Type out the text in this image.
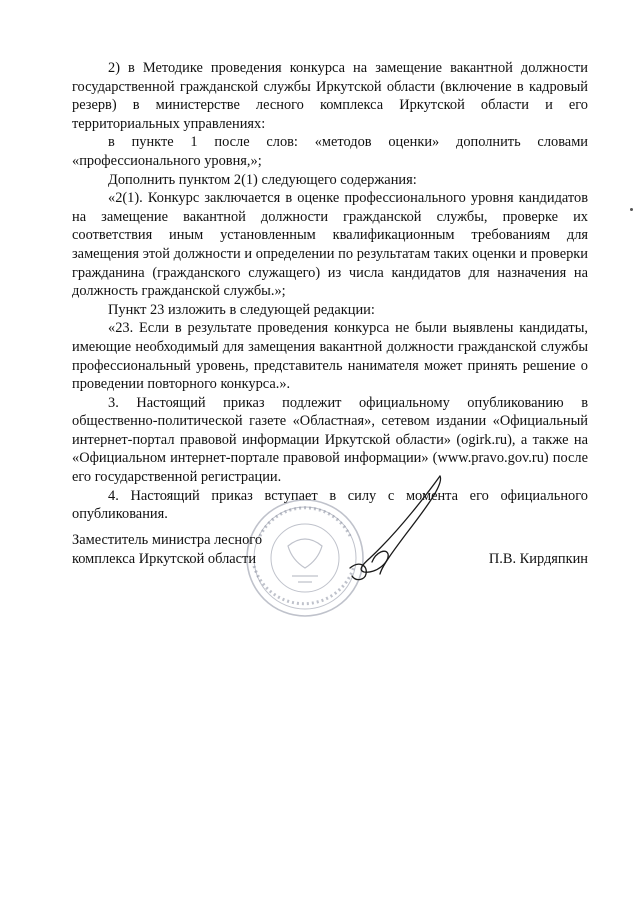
2) в Методике проведения конкурса на замещение вакантной должности государственной гражданской службы Иркутской области (включение в кадровый резерв) в министерстве лесного комплекса Иркутской области и его территориальных управлениях:

в пункте 1 после слов: «методов оценки» дополнить словами «профессионального уровня,»;

Дополнить пунктом 2(1) следующего содержания:

«2(1). Конкурс заключается в оценке профессионального уровня кандидатов на замещение вакантной должности гражданской службы, проверке их соответствия иным установленным квалификационным требованиям для замещения этой должности и определении по результатам таких оценки и проверки гражданина (гражданского служащего) из числа кандидатов для назначения на должность гражданской службы.»;

Пункт 23 изложить в следующей редакции:

«23. Если в результате проведения конкурса не были выявлены кандидаты, имеющие необходимый для замещения вакантной должности гражданской службы профессиональный уровень, представитель нанимателя может принять решение о проведении повторного конкурса.».

3. Настоящий приказ подлежит официальному опубликованию в общественно-политической газете «Областная», сетевом издании «Официальный интернет-портал правовой информации Иркутской области» (ogirk.ru), а также на «Официальном интернет-портале правовой информации» (www.pravo.gov.ru) после его государственной регистрации.

4. Настоящий приказ вступает в силу с момента его официального опубликования.

Заместитель министра лесного
комплекса Иркутской области	П.В. Кирдяпкин
